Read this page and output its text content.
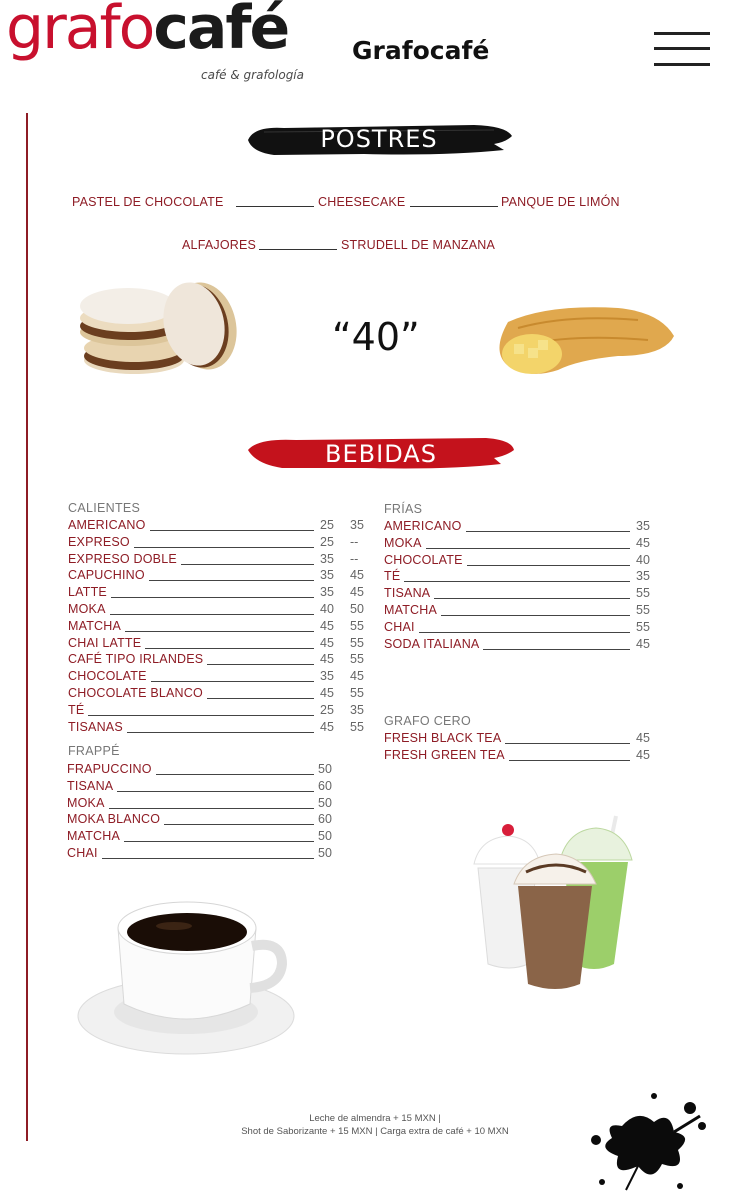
grafocafé
café & grafología
Grafocafé
POSTRES
PASTEL DE CHOCOLATE	CHEESECAKE	PANQUE DE LIMÓN
ALFAJORES	STRUDELL DE MANZANA
“40”
BEBIDAS
CALIENTES
AMERICANO	25 35
EXPRESO	25 --
EXPRESO DOBLE	35 --
CAPUCHINO	35 45
LATTE	35 45
MOKA	40 50
MATCHA	45 55
CHAI LATTE	45 55
CAFÉ TIPO IRLANDES	45 55
CHOCOLATE	35 45
CHOCOLATE BLANCO	45 55
TÉ	25 35
TISANAS	45 55
FRAPPÉ
FRAPUCCINO	50
TISANA	60
MOKA	50
MOKA BLANCO	60
MATCHA	50
CHAI	50
FRÍAS
AMERICANO	35
MOKA	45
CHOCOLATE	40
TÉ	35
TISANA	55
MATCHA	55
CHAI	55
SODA ITALIANA	45
GRAFO CERO
FRESH BLACK TEA	45
FRESH GREEN TEA	45
Leche de almendra + 15 MXN |
Shot de Saborizante + 15 MXN | Carga extra de café + 10 MXN
